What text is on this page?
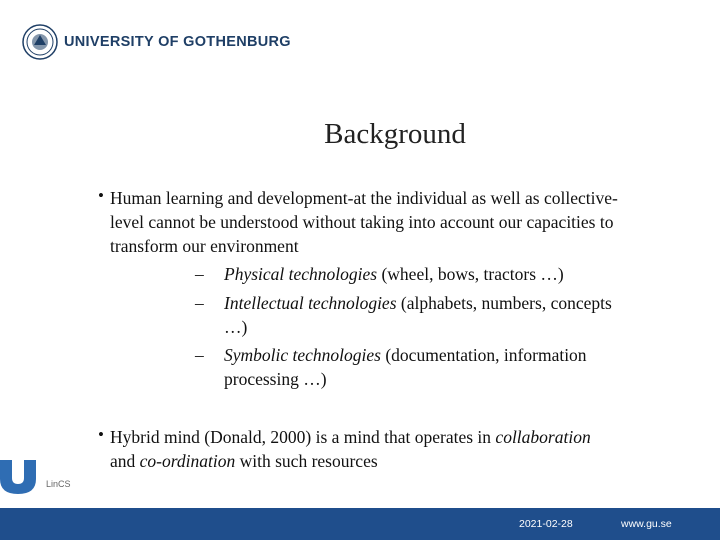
UNIVERSITY OF GOTHENBURG
Background
• Human learning and development-at the individual as well as collective-level cannot be understood without taking into account our capacities to transform our environment
– Physical technologies (wheel, bows, tractors …)
– Intellectual technologies (alphabets, numbers, concepts …)
– Symbolic technologies (documentation, information processing …)
• Hybrid mind (Donald, 2000) is a mind that operates in collaboration and co-ordination with such resources
LinCS
2021-02-28	www.gu.se
